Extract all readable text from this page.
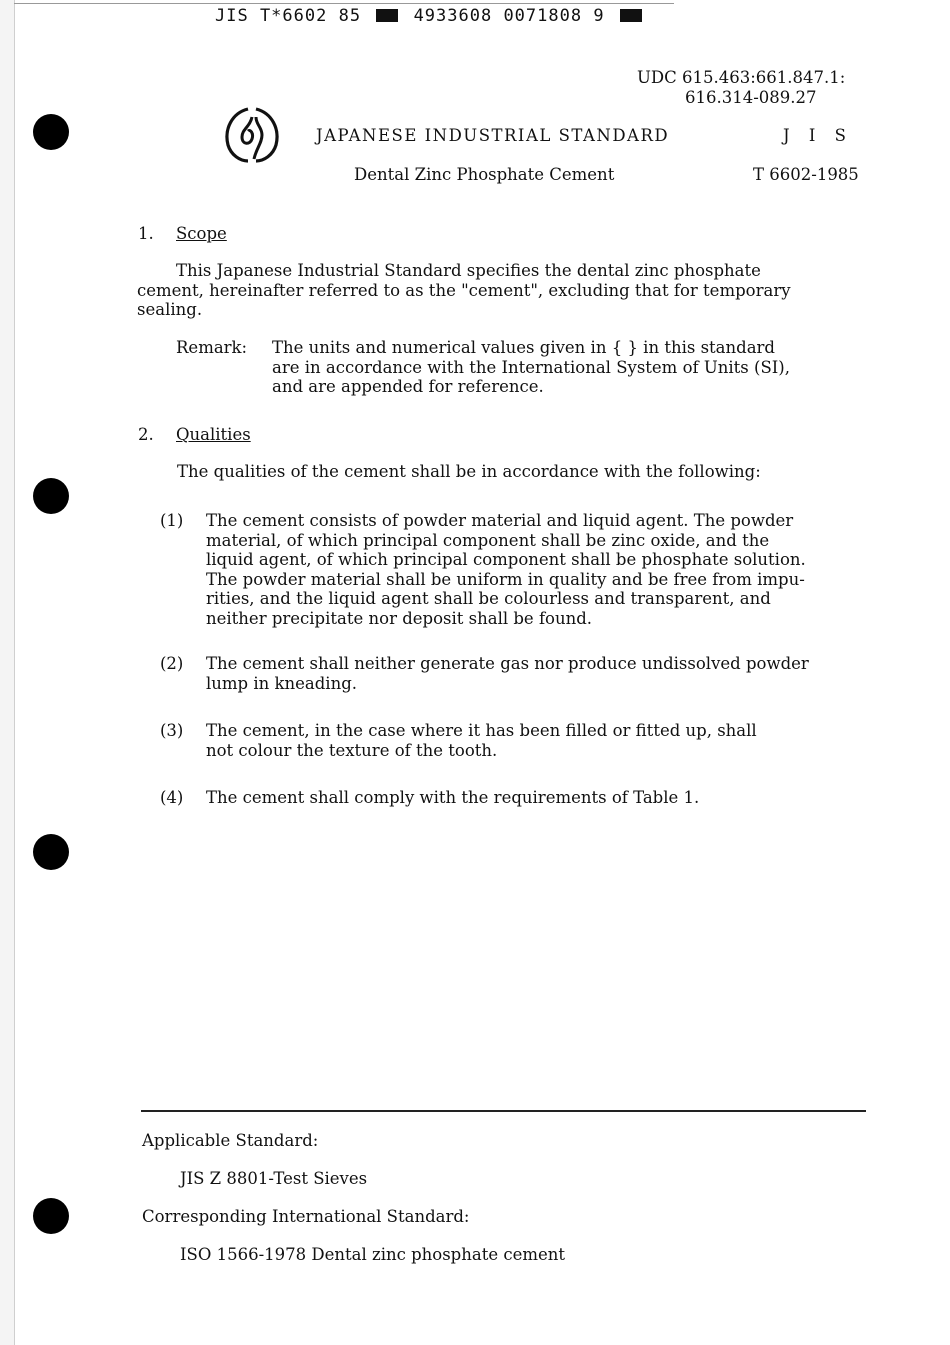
JIS T*6602 85	4933608 0071808 9
UDC 615.463:661.847.1:
616.314-089.27
JAPANESE INDUSTRIAL STANDARD	J I S
Dental Zinc Phosphate Cement	T 6602-1985
1. Scope
This Japanese Industrial Standard specifies the dental zinc phosphate
cement, hereinafter referred to as the "cement", excluding that for temporary
sealing.
Remark: The units and numerical values given in { } in this standard
are in accordance with the International System of Units (SI),
and are appended for reference.
2. Qualities
The qualities of the cement shall be in accordance with the following:
(1) The cement consists of powder material and liquid agent. The powder
material, of which principal component shall be zinc oxide, and the
liquid agent, of which principal component shall be phosphate solution.
The powder material shall be uniform in quality and be free from impu-
rities, and the liquid agent shall be colourless and transparent, and
neither precipitate nor deposit shall be found.
(2) The cement shall neither generate gas nor produce undissolved powder
lump in kneading.
(3) The cement, in the case where it has been filled or fitted up, shall
not colour the texture of the tooth.
(4) The cement shall comply with the requirements of Table 1.
Applicable Standard:
JIS Z 8801-Test Sieves
Corresponding International Standard:
ISO 1566-1978 Dental zinc phosphate cement
